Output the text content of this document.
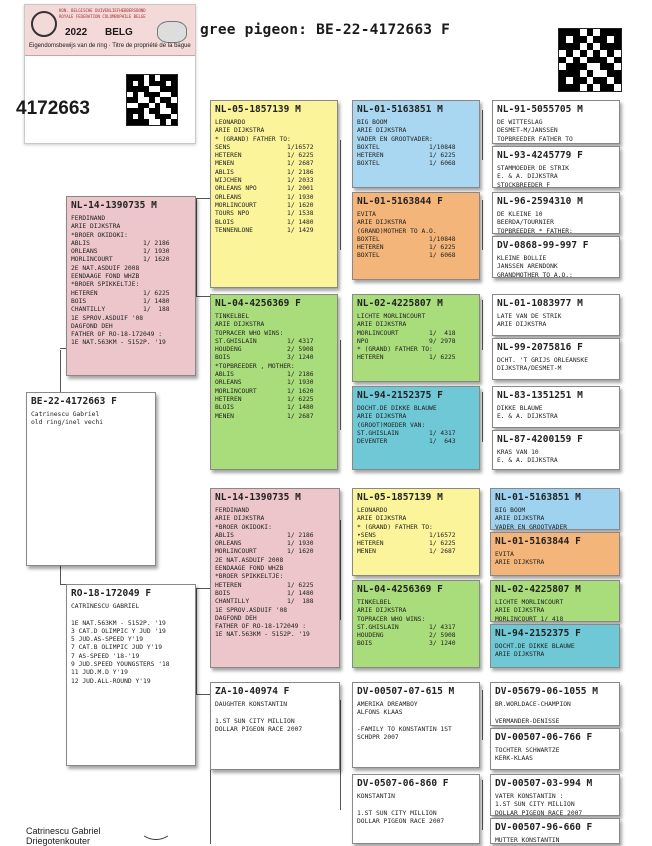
gree pigeon: BE-22-4172663 F
KON. BELGISCHE DUIVENLIEFHEBBERSBOND
ROYALE FEDERATION COLOMBOPHILE BELGE
2022 BELG
Eigendomsbewijs van de ring · Titre de propriété de la bague
4172663
BE-22-4172663 F
Catrinescu Gabriel
old ring/inel vechi
NL-14-1390735 M
FERDINAND
ARIE DIJKSTRA
*BROER OKIDOKI:
ABLIS              1/ 2186
ORLEANS            1/ 1930
MORLINCOURT        1/ 1620
2E NAT.ASDUIF 2008
EENDAAGE FOND WHZB
*BROER SPIKKELTJE:
HETEREN            1/ 6225
BOIS               1/ 1480
CHANTILLY          1/  188
1E SPROV.ASDUIF '08
DAGFOND DEH
FATHER OF RO-18-172049 :
1E NAT.563KM - 5152P. '19
RO-18-172049 F
CATRINESCU GABRIEL

1E NAT.563KM - 5152P. '19
3 CAT.D OLIMPIC Y JUD '19
5 JUD.AS-SPEED Y'19
7 CAT.B OLIMPIC JUD Y'19
7 AS-SPEED '18-'19
9 JUD.SPEED YOUNGSTERS '18
11 JUD.M.D Y'19
12 JUD.ALL-ROUND Y'19
NL-05-1857139 M
LEONARDO
ARIE DIJKSTRA
* (GRAND) FATHER TO:
SENS               1/16572
HETEREN            1/ 6225
MENEN              1/ 2687
ABLIS              1/ 2186
WIJCHEN            1/ 2033
ORLEANS NPO        1/ 2001
ORLEANS            1/ 1930
MORLINCOURT        1/ 1620
TOURS NPO          1/ 1538
BLOIS              1/ 1480
TENNENLONE         1/ 1429
NL-04-4256369 F
TINKELBEL
ARIE DIJKSTRA
TOPRACER WHO WINS:
ST.GHISLAIN        1/ 4317
HOUDENG            2/ 5908
BOIS               3/ 1240
*TOPBREEDER , MOTHER:
ABLIS              1/ 2186
ORLEANS            1/ 1930
MORLINCOURT        1/ 1620
HETEREN            1/ 6225
BLOIS              1/ 1480
MENEN              1/ 2687
NL-01-5163851 M
BIG BOOM
ARIE DIJKSTRA
VADER EN GROOTVADER:
BOXTEL             1/10848
HETEREN            1/ 6225
BOXTEL             1/ 6068
NL-01-5163844 F
EVITA
ARIE DIJKSTRA
(GRAND)MOTHER TO A.O.
BOXTEL             1/10848
HETEREN            1/ 6225
BOXTEL             1/ 6068
NL-02-4225807 M
LICHTE MORLINCOURT
ARIE DIJKSTRA
MORLINCOURT        1/  418
NPO                9/ 2978
* (GRAND) FATHER TO:
HETEREN            1/ 6225
NL-94-2152375 F
DOCHT.DE DIKKE BLAUWE
ARIE DIJKSTRA
(GROOT)MOEDER VAN:
ST.GHISLAIN        1/ 4317
DEVENTER           1/  643
NL-91-5055705 M
DE WITTESLAG
DESMET-M/JANSSEN
TOPBREEDER FATHER TO
NL-93-4245779 F
STAMMOEDER DE STRIK
E. & A. DIJKSTRA
STOCKBREEDER F
NL-96-2594310 M
DE KLEINE 10
BEERDA/TOURNIER
TOPBREEDER * FATHER:
DV-0868-99-997 F
KLEINE BOLLIE
JANSSEN ARENDONK
GRANDMOTHER TO A.O.:
NL-01-1083977 M
LATE VAN DE STRIK
ARIE DIJKSTRA
NL-99-2075816 F
DCHT. 'T GRIJS ORLEANSKE
DIJKSTRA/DESMET-M
NL-83-1351251 M
DIKKE BLAUWE
E. & A. DIJKSTRA
NL-87-4200159 F
KRAS VAN 10
E. & A. DIJKSTRA
NL-14-1390735 M
FERDINAND
ARIE DIJKSTRA
*BROER OKIDOKI:
ABLIS              1/ 2186
ORLEANS            1/ 1930
MORLINCOURT        1/ 1620
2E NAT.ASDUIF 2008
EENDAAGE FOND WHZB
*BROER SPIKKELTJE:
HETEREN            1/ 6225
BOIS               1/ 1480
CHANTILLY          1/  188
1E SPROV.ASDUIF '08
DAGFOND DEH
FATHER OF RO-18-172049 :
1E NAT.563KM - 5152P. '19
ZA-10-40974 F
DAUGHTER KONSTANTIN

1.ST SUN CITY MILLION
DOLLAR PIGEON RACE 2007
NL-05-1857139 M
LEONARDO
ARIE DIJKSTRA
* (GRAND) FATHER TO:
•SENS              1/16572
HETEREN            1/ 6225
MENEN              1/ 2687
NL-04-4256369 F
TINKELBEL
ARIE DIJKSTRA
TOPRACER WHO WINS:
ST.GHISLAIN        1/ 4317
HOUDENG            2/ 5908
BOIS               3/ 1240
DV-00507-07-615 M
AMERIKA DREAMBOY
ALFONS KLAAS

-FAMILY TO KONSTANTIN 1ST
SCHDPR 2007
DV-0507-06-860 F
KONSTANTIN

1.ST SUN CITY MILLION
DOLLAR PIGEON RACE 2007
NL-01-5163851 M
BIG BOOM
ARIE DIJKSTRA
VADER EN GROOTVADER
NL-01-5163844 F
EVITA
ARIE DIJKSTRA
NL-02-4225807 M
LICHTE MORLINCOURT
ARIE DIJKSTRA
MORLINCOURT 1/ 418
NL-94-2152375 F
DOCHT.DE DIKKE BLAUWE
ARIE DIJKSTRA
DV-05679-06-1055 M
BR.WORLDACE-CHAMPION

VERMANDER-DENISSE
DV-00507-06-766 F
TOCHTER SCHWARTZE
KERK-KLAAS
DV-00507-03-994 M
VATER KONSTANTIN :
1.ST SUN CITY MILLION
DOLLAR PIGEON RACE 2007
DV-00507-96-660 F
MUTTER KONSTANTIN
Catrinescu Gabriel
Driegotenkouter
